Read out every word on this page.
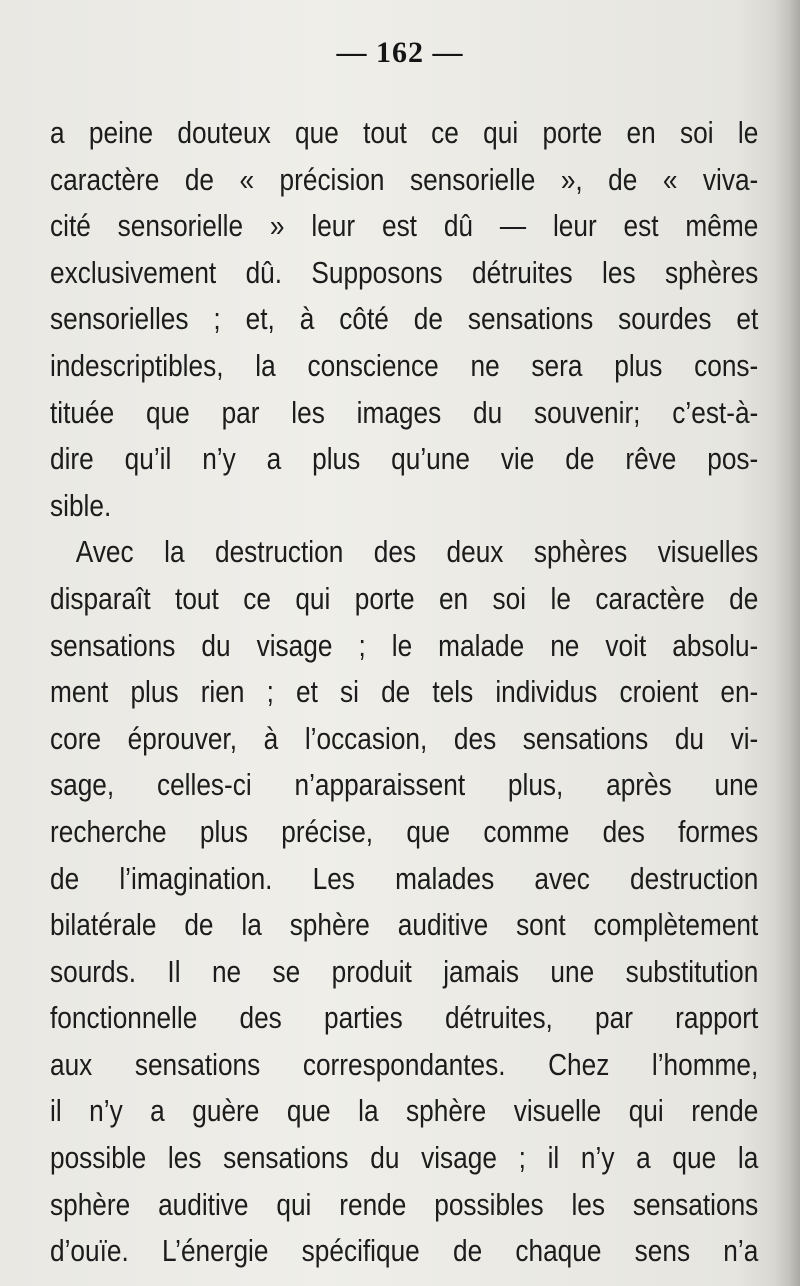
— 162 —
a peine douteux que tout ce qui porte en soi le
caractère de « précision sensorielle », de « viva-
cité sensorielle » leur est dû — leur est même
exclusivement dû. Supposons détruites les sphères
sensorielles ; et, à côté de sensations sourdes et
indescriptibles, la conscience ne sera plus cons-
tituée que par les images du souvenir; c’est-à-
dire qu’il n’y a plus qu’une vie de rêve pos-
sible.
Avec la destruction des deux sphères visuelles
disparaît tout ce qui porte en soi le caractère de
sensations du visage ; le malade ne voit absolu-
ment plus rien ; et si de tels individus croient en-
core éprouver, à l’occasion, des sensations du vi-
sage, celles-ci n’apparaissent plus, après une
recherche plus précise, que comme des formes
de l’imagination. Les malades avec destruction
bilatérale de la sphère auditive sont complètement
sourds. Il ne se produit jamais une substitution
fonctionnelle des parties détruites, par rapport
aux sensations correspondantes. Chez l’homme,
il n’y a guère que la sphère visuelle qui rende
possible les sensations du visage ; il n’y a que la
sphère auditive qui rende possibles les sensations
d’ouïe. L’énergie spécifique de chaque sens n’a
